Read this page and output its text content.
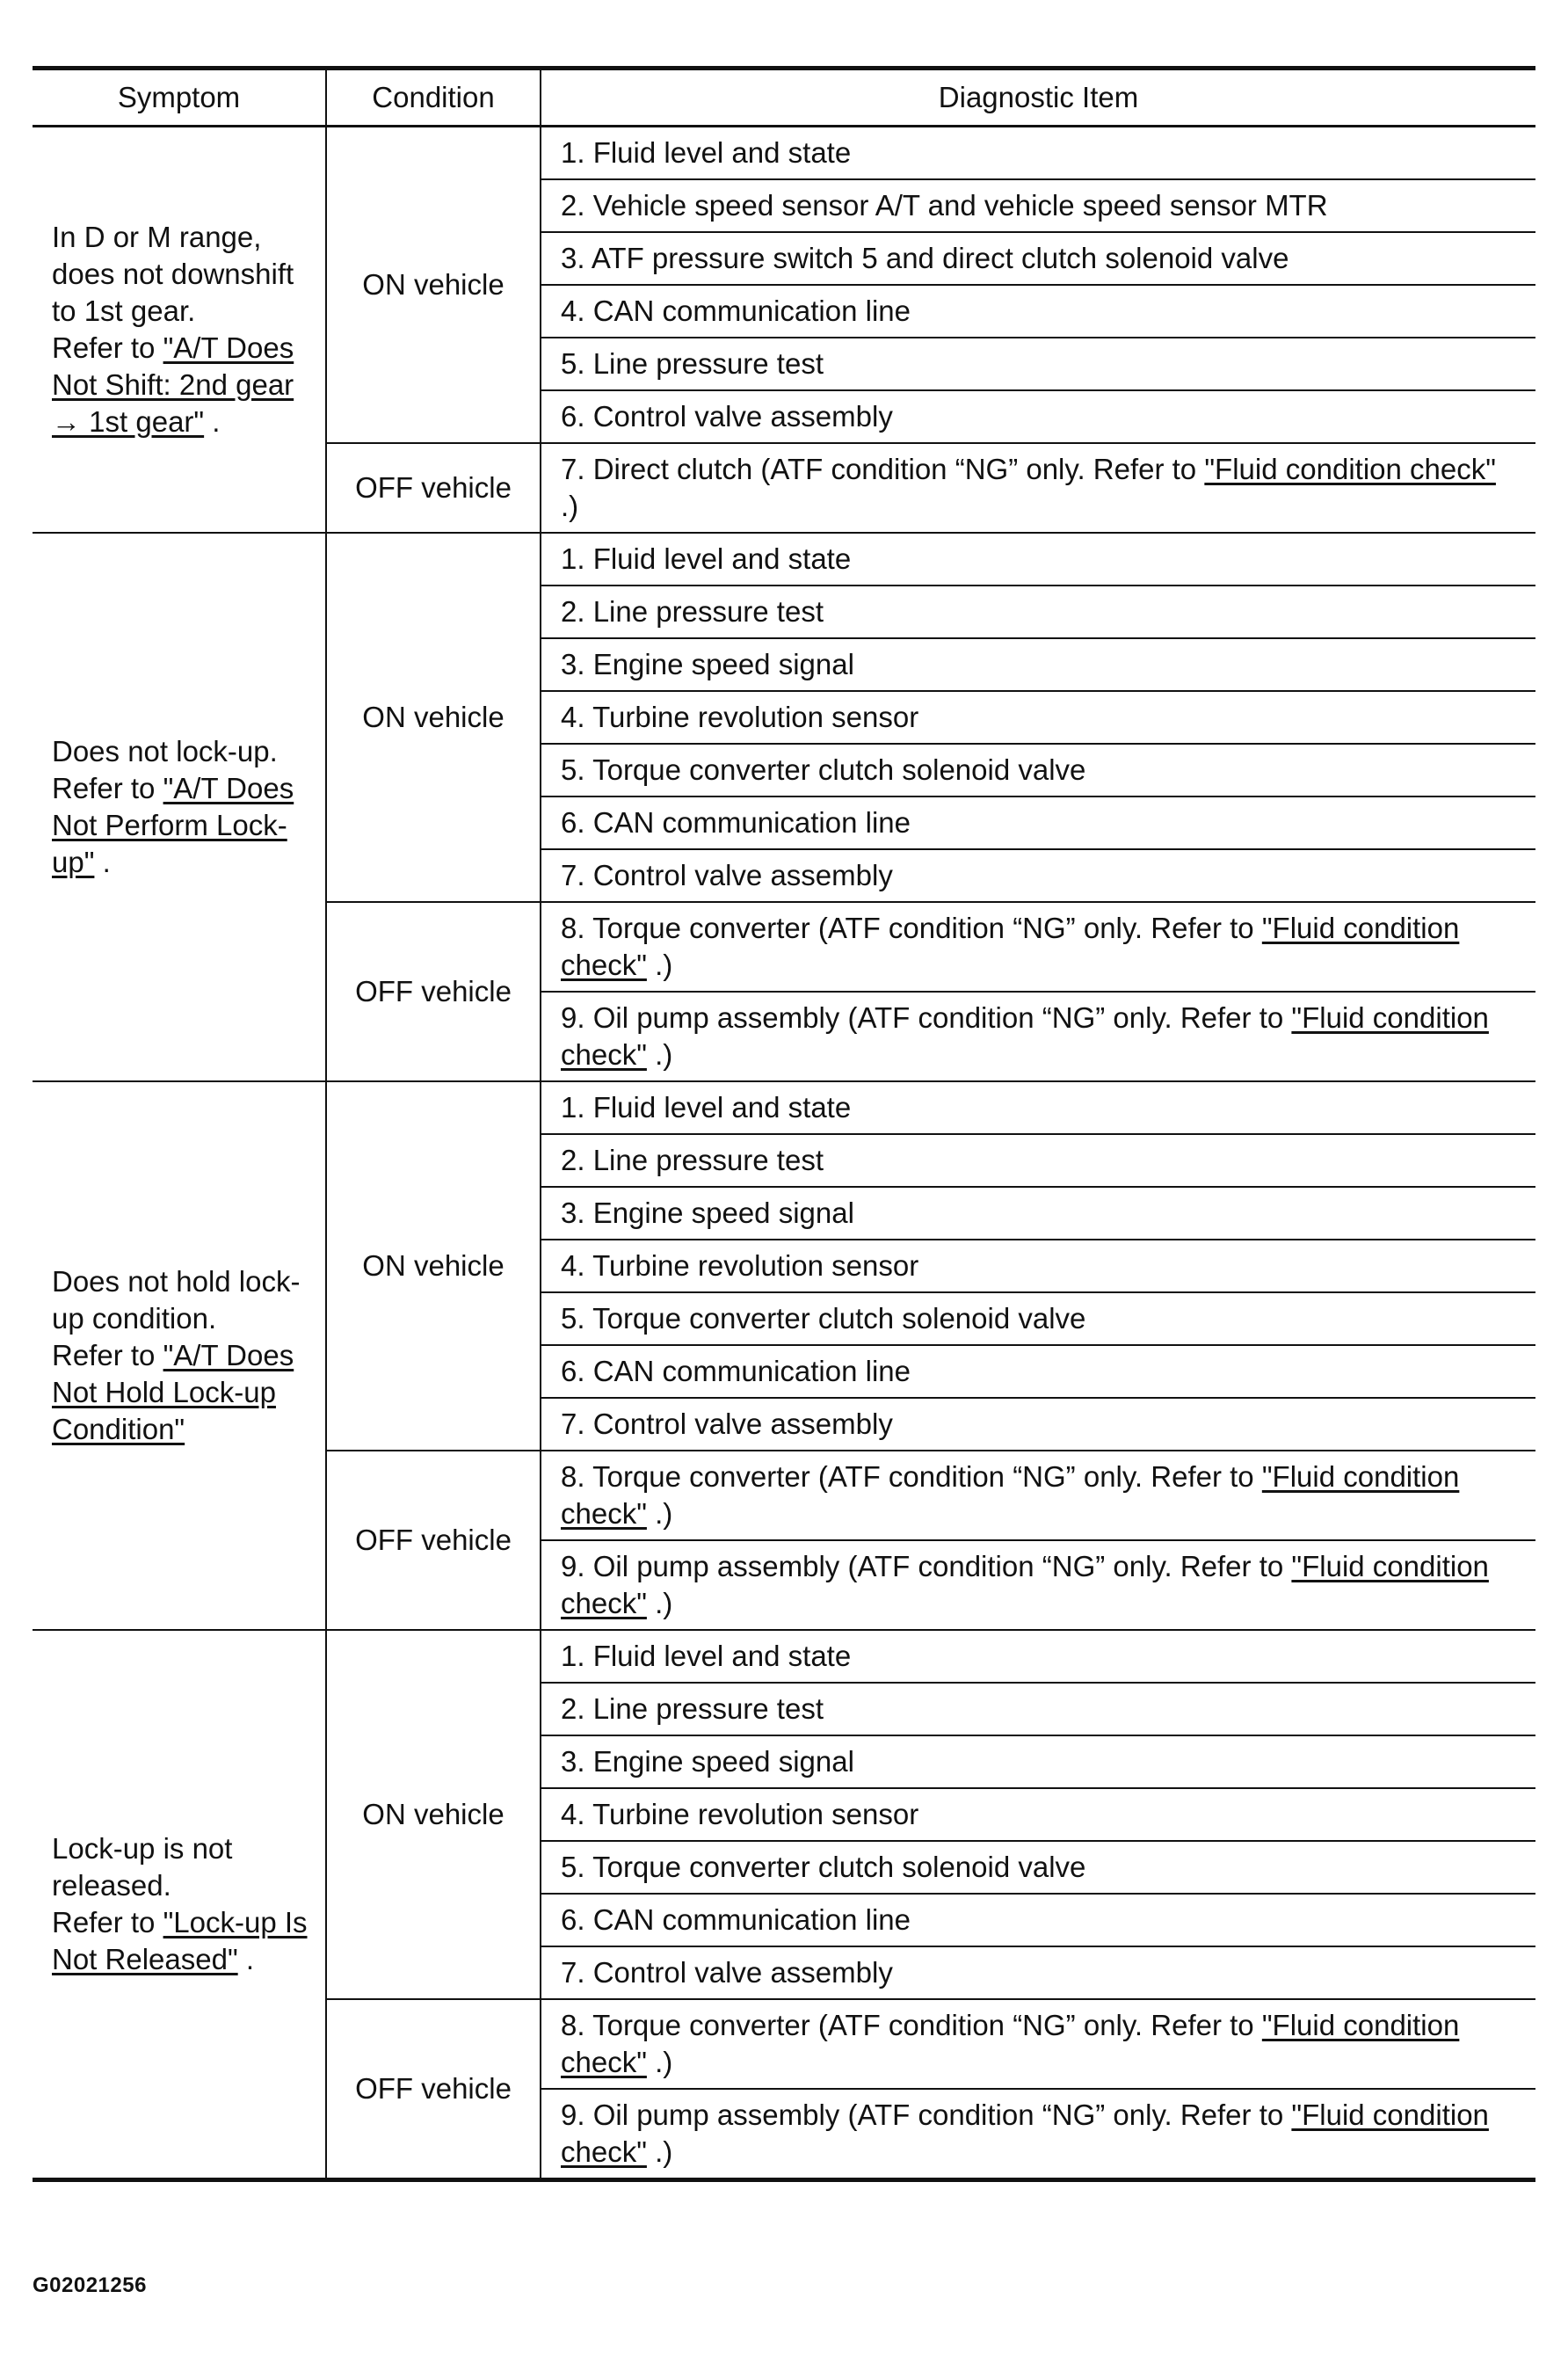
Symptom	Condition	Diagnostic Item
In D or M range, does not downshift to 1st gear.
Refer to "A/T Does Not Shift: 2nd gear → 1st gear" .	ON vehicle	1. Fluid level and state
		2. Vehicle speed sensor A/T and vehicle speed sensor MTR
		3. ATF pressure switch 5 and direct clutch solenoid valve
		4. CAN communication line
		5. Line pressure test
		6. Control valve assembly
	OFF vehicle	7. Direct clutch (ATF condition “NG” only. Refer to "Fluid condition check" .)
Does not lock-up.
Refer to "A/T Does Not Perform Lock-up" .	ON vehicle	1. Fluid level and state
		2. Line pressure test
		3. Engine speed signal
		4. Turbine revolution sensor
		5. Torque converter clutch solenoid valve
		6. CAN communication line
		7. Control valve assembly
	OFF vehicle	8. Torque converter (ATF condition “NG” only. Refer to "Fluid condition check" .)
		9. Oil pump assembly (ATF condition “NG” only. Refer to "Fluid condition check" .)
Does not hold lock-up condition.
Refer to "A/T Does Not Hold Lock-up Condition"	ON vehicle	1. Fluid level and state
		2. Line pressure test
		3. Engine speed signal
		4. Turbine revolution sensor
		5. Torque converter clutch solenoid valve
		6. CAN communication line
		7. Control valve assembly
	OFF vehicle	8. Torque converter (ATF condition “NG” only. Refer to "Fluid condition check" .)
		9. Oil pump assembly (ATF condition “NG” only. Refer to "Fluid condition check" .)
Lock-up is not released.
Refer to "Lock-up Is Not Released" .	ON vehicle	1. Fluid level and state
		2. Line pressure test
		3. Engine speed signal
		4. Turbine revolution sensor
		5. Torque converter clutch solenoid valve
		6. CAN communication line
		7. Control valve assembly
	OFF vehicle	8. Torque converter (ATF condition “NG” only. Refer to "Fluid condition check" .)
		9. Oil pump assembly (ATF condition “NG” only. Refer to "Fluid condition check" .)
G02021256
